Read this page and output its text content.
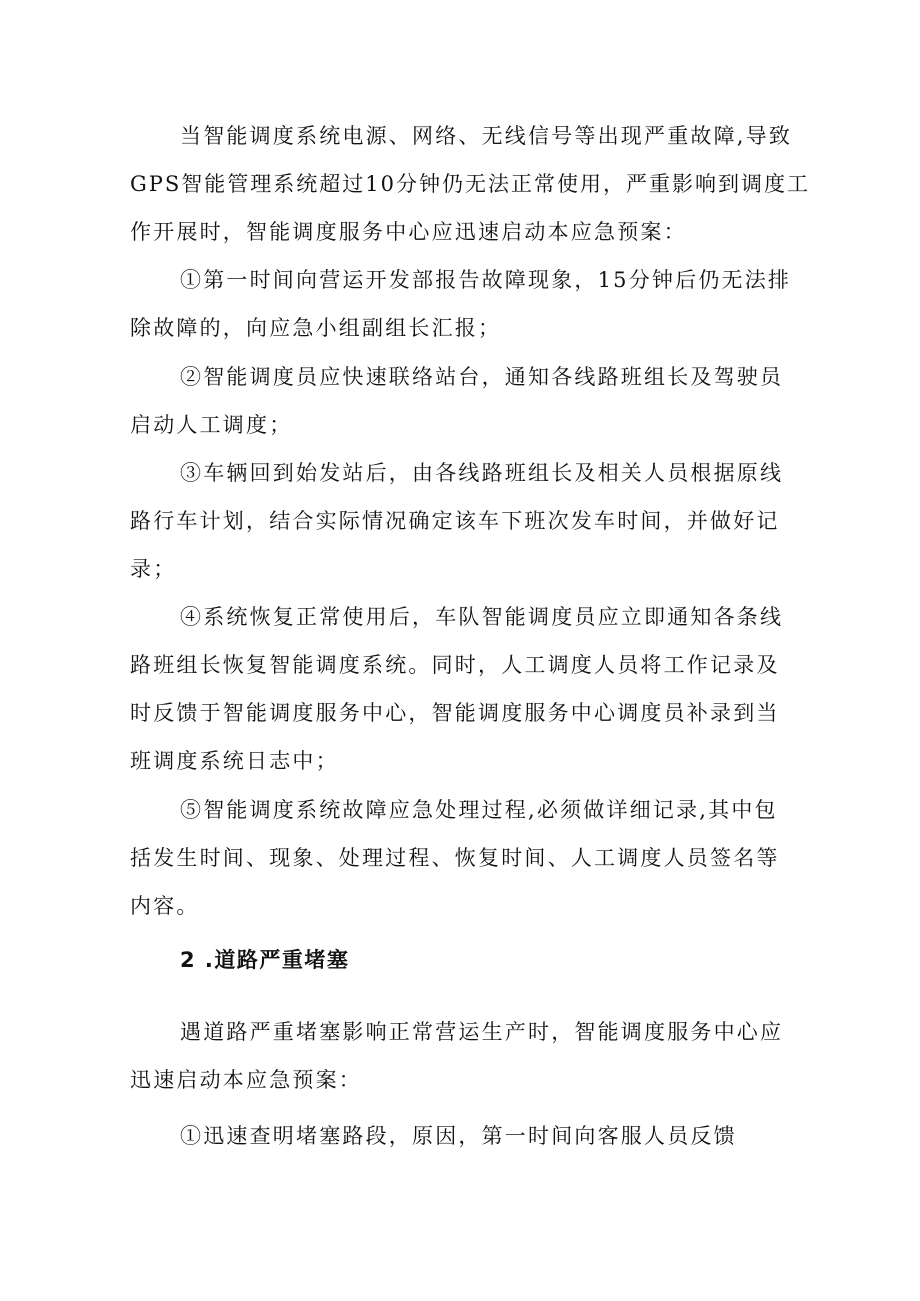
当智能调度系统电源、网络、无线信号等出现严重故障,导致
GPS智能管理系统超过10分钟仍无法正常使用，严重影响到调度工
作开展时，智能调度服务中心应迅速启动本应急预案：
①第一时间向营运开发部报告故障现象，15分钟后仍无法排
除故障的，向应急小组副组长汇报；
②智能调度员应快速联络站台，通知各线路班组长及驾驶员
启动人工调度；
③车辆回到始发站后，由各线路班组长及相关人员根据原线
路行车计划，结合实际情况确定该车下班次发车时间，并做好记
录；
④系统恢复正常使用后，车队智能调度员应立即通知各条线
路班组长恢复智能调度系统。同时，人工调度人员将工作记录及
时反馈于智能调度服务中心，智能调度服务中心调度员补录到当
班调度系统日志中；
⑤智能调度系统故障应急处理过程,必须做详细记录,其中包
括发生时间、现象、处理过程、恢复时间、人工调度人员签名等
内容。
2 .道路严重堵塞
遇道路严重堵塞影响正常营运生产时，智能调度服务中心应
迅速启动本应急预案：
①迅速查明堵塞路段，原因，第一时间向客服人员反馈
